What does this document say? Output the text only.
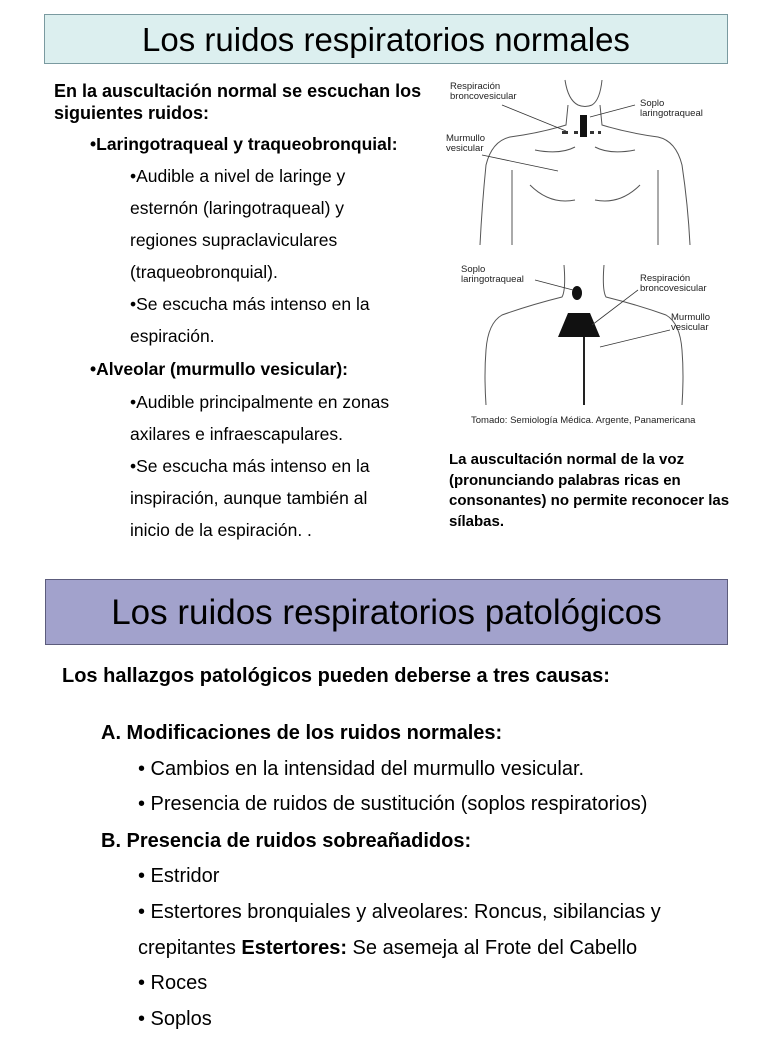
Los ruidos respiratorios normales
En la auscultación normal se escuchan los siguientes ruidos:
•Laringotraqueal y traqueobronquial:
•Audible a nivel de laringe y
esternón (laringotraqueal) y
regiones supraclaviculares
(traqueobronquial).
•Se escucha más intenso en la
espiración.
•Alveolar (murmullo vesicular):
•Audible principalmente en zonas
axilares e infraescapulares.
•Se escucha más intenso en la
inspiración, aunque también al
inicio de la espiración. .
Respiración
broncovesicular
Soplo
laringotraqueal
Murmullo
vesicular
Soplo
laringotraqueal	Respiración
broncovesicular
Murmullo
vesicular
Tomado: Semiología Médica. Argente, Panamericana
La auscultación normal de la voz (pronunciando palabras ricas en consonantes) no permite reconocer las sílabas.
Los ruidos respiratorios patológicos
Los hallazgos patológicos pueden deberse a tres causas:
A. Modificaciones de los ruidos normales:
• Cambios en la intensidad del murmullo vesicular.
• Presencia de ruidos de sustitución (soplos respiratorios)
B. Presencia de ruidos sobreañadidos:
• Estridor
• Estertores bronquiales y alveolares: Roncus, sibilancias y
crepitantes Estertores: Se asemeja al Frote del Cabello
• Roces
• Soplos
